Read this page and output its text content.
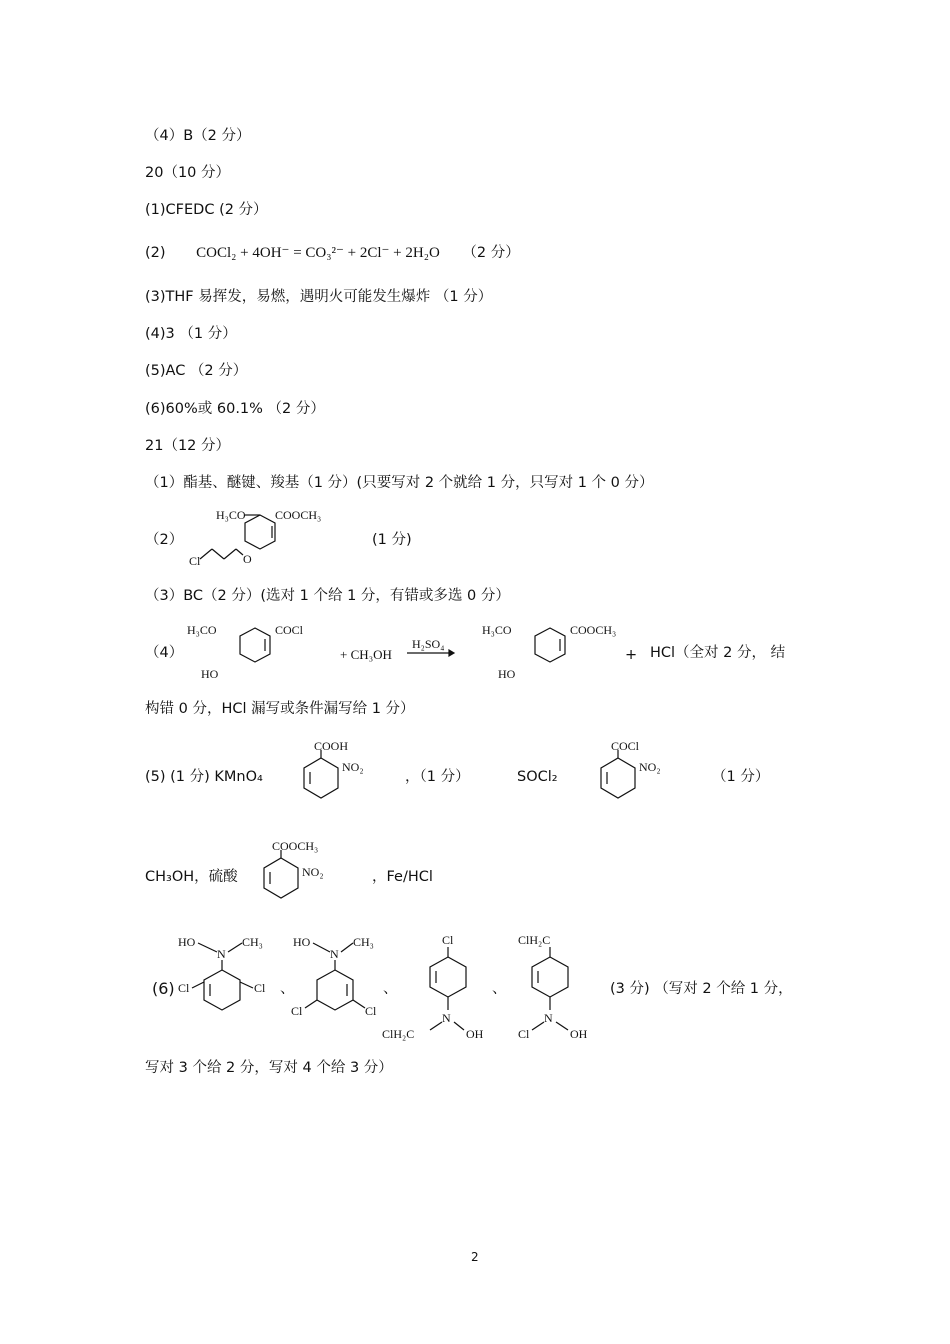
（4）B（2 分）
20（10 分）
(1)CFEDC (2 分）
(2) COCl₂ + 4OH⁻ = CO₃²⁻ + 2Cl⁻ + 2H₂O （2 分）
(3)THF 易挥发，易燃，遇明火可能发生爆炸 （1 分）
(4)3 （1 分）
(5)AC （2 分）
(6)60%或 60.1% （2 分）
21（12 分）
（1）酯基、醚键、羧基（1 分）(只要写对 2 个就给 1 分，只写对 1 个 0 分）
（2）
H₃CO COOCH₃
O
Cl
(1 分)
（3）BC（2 分）(选对 1 个给 1 分，有错或多选 0 分）
（4）
H₃CO	COCl
HO
+ CH₃OH
H₂SO₄
H₃CO	COOCH₃
HO
+ HCl（全对 2 分， 结
构错 0 分，HCl 漏写或条件漏写给 1 分）
(5) (1 分) KMnO₄
COOH
NO₂
，（1 分）	SOCl₂
COCl
NO₂
（1 分）
CH₃OH，硫酸
COOCH₃
NO₂	，Fe/HCl
(6)
HO
N
CH₃
Cl	Cl 、
HO
N
CH₃
Cl	Cl
、
Cl
N
ClH₂C	OH
、
ClH₂C
N
Cl	OH
(3 分) （写对 2 个给 1 分，
写对 3 个给 2 分，写对 4 个给 3 分）
2
